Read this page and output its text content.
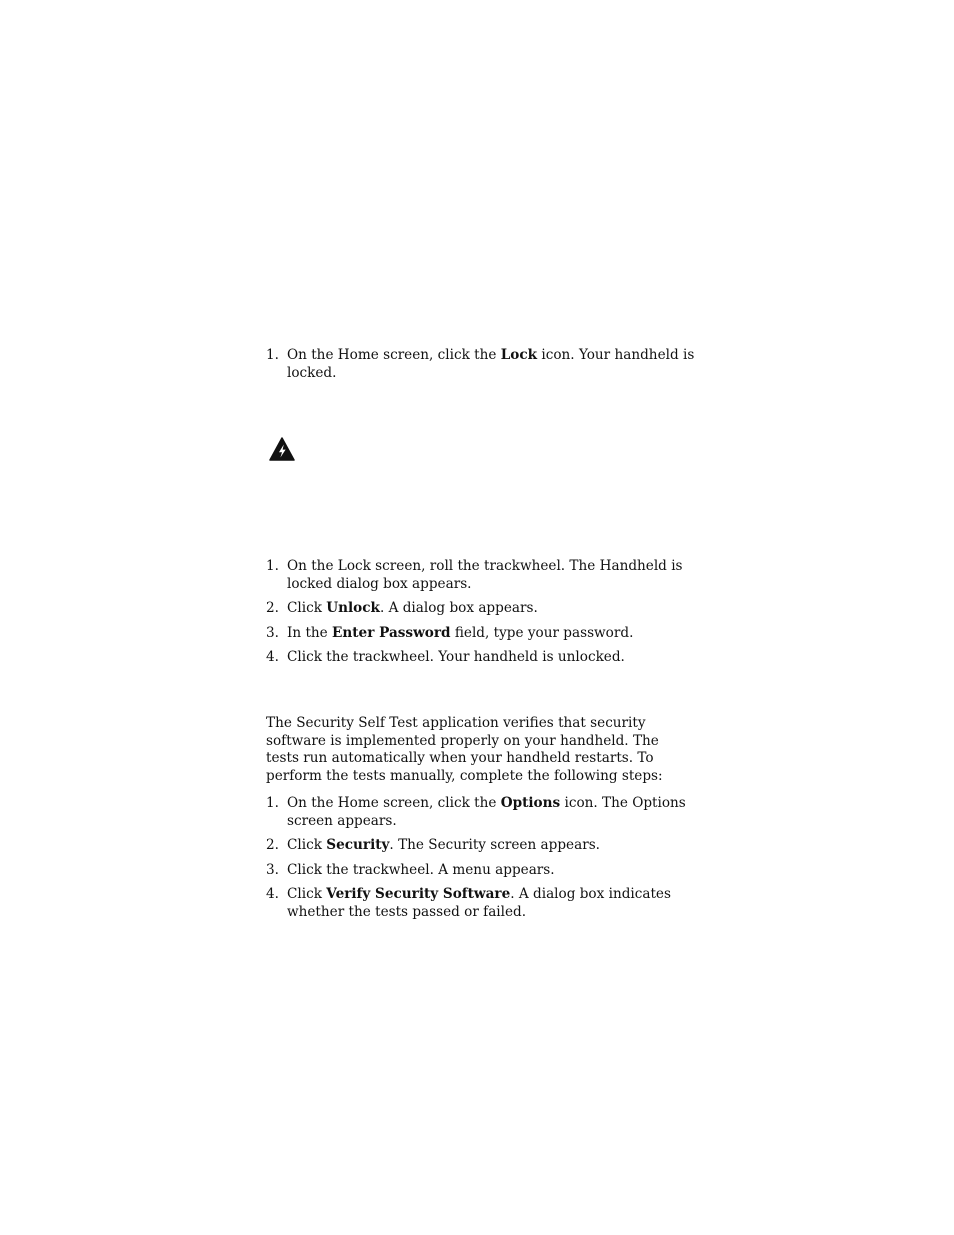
1. On the Home screen, click the Lock icon. Your handheld is locked.
1. On the Lock screen, roll the trackwheel. The Handheld is locked dialog box appears.
2. Click Unlock. A dialog box appears.
3. In the Enter Password field, type your password.
4. Click the trackwheel. Your handheld is unlocked.

The Security Self Test application verifies that security software is implemented properly on your handheld. The tests run automatically when your handheld restarts. To perform the tests manually, complete the following steps:

1. On the Home screen, click the Options icon. The Options screen appears.
2. Click Security. The Security screen appears.
3. Click the trackwheel. A menu appears.
4. Click Verify Security Software. A dialog box indicates whether the tests passed or failed.
